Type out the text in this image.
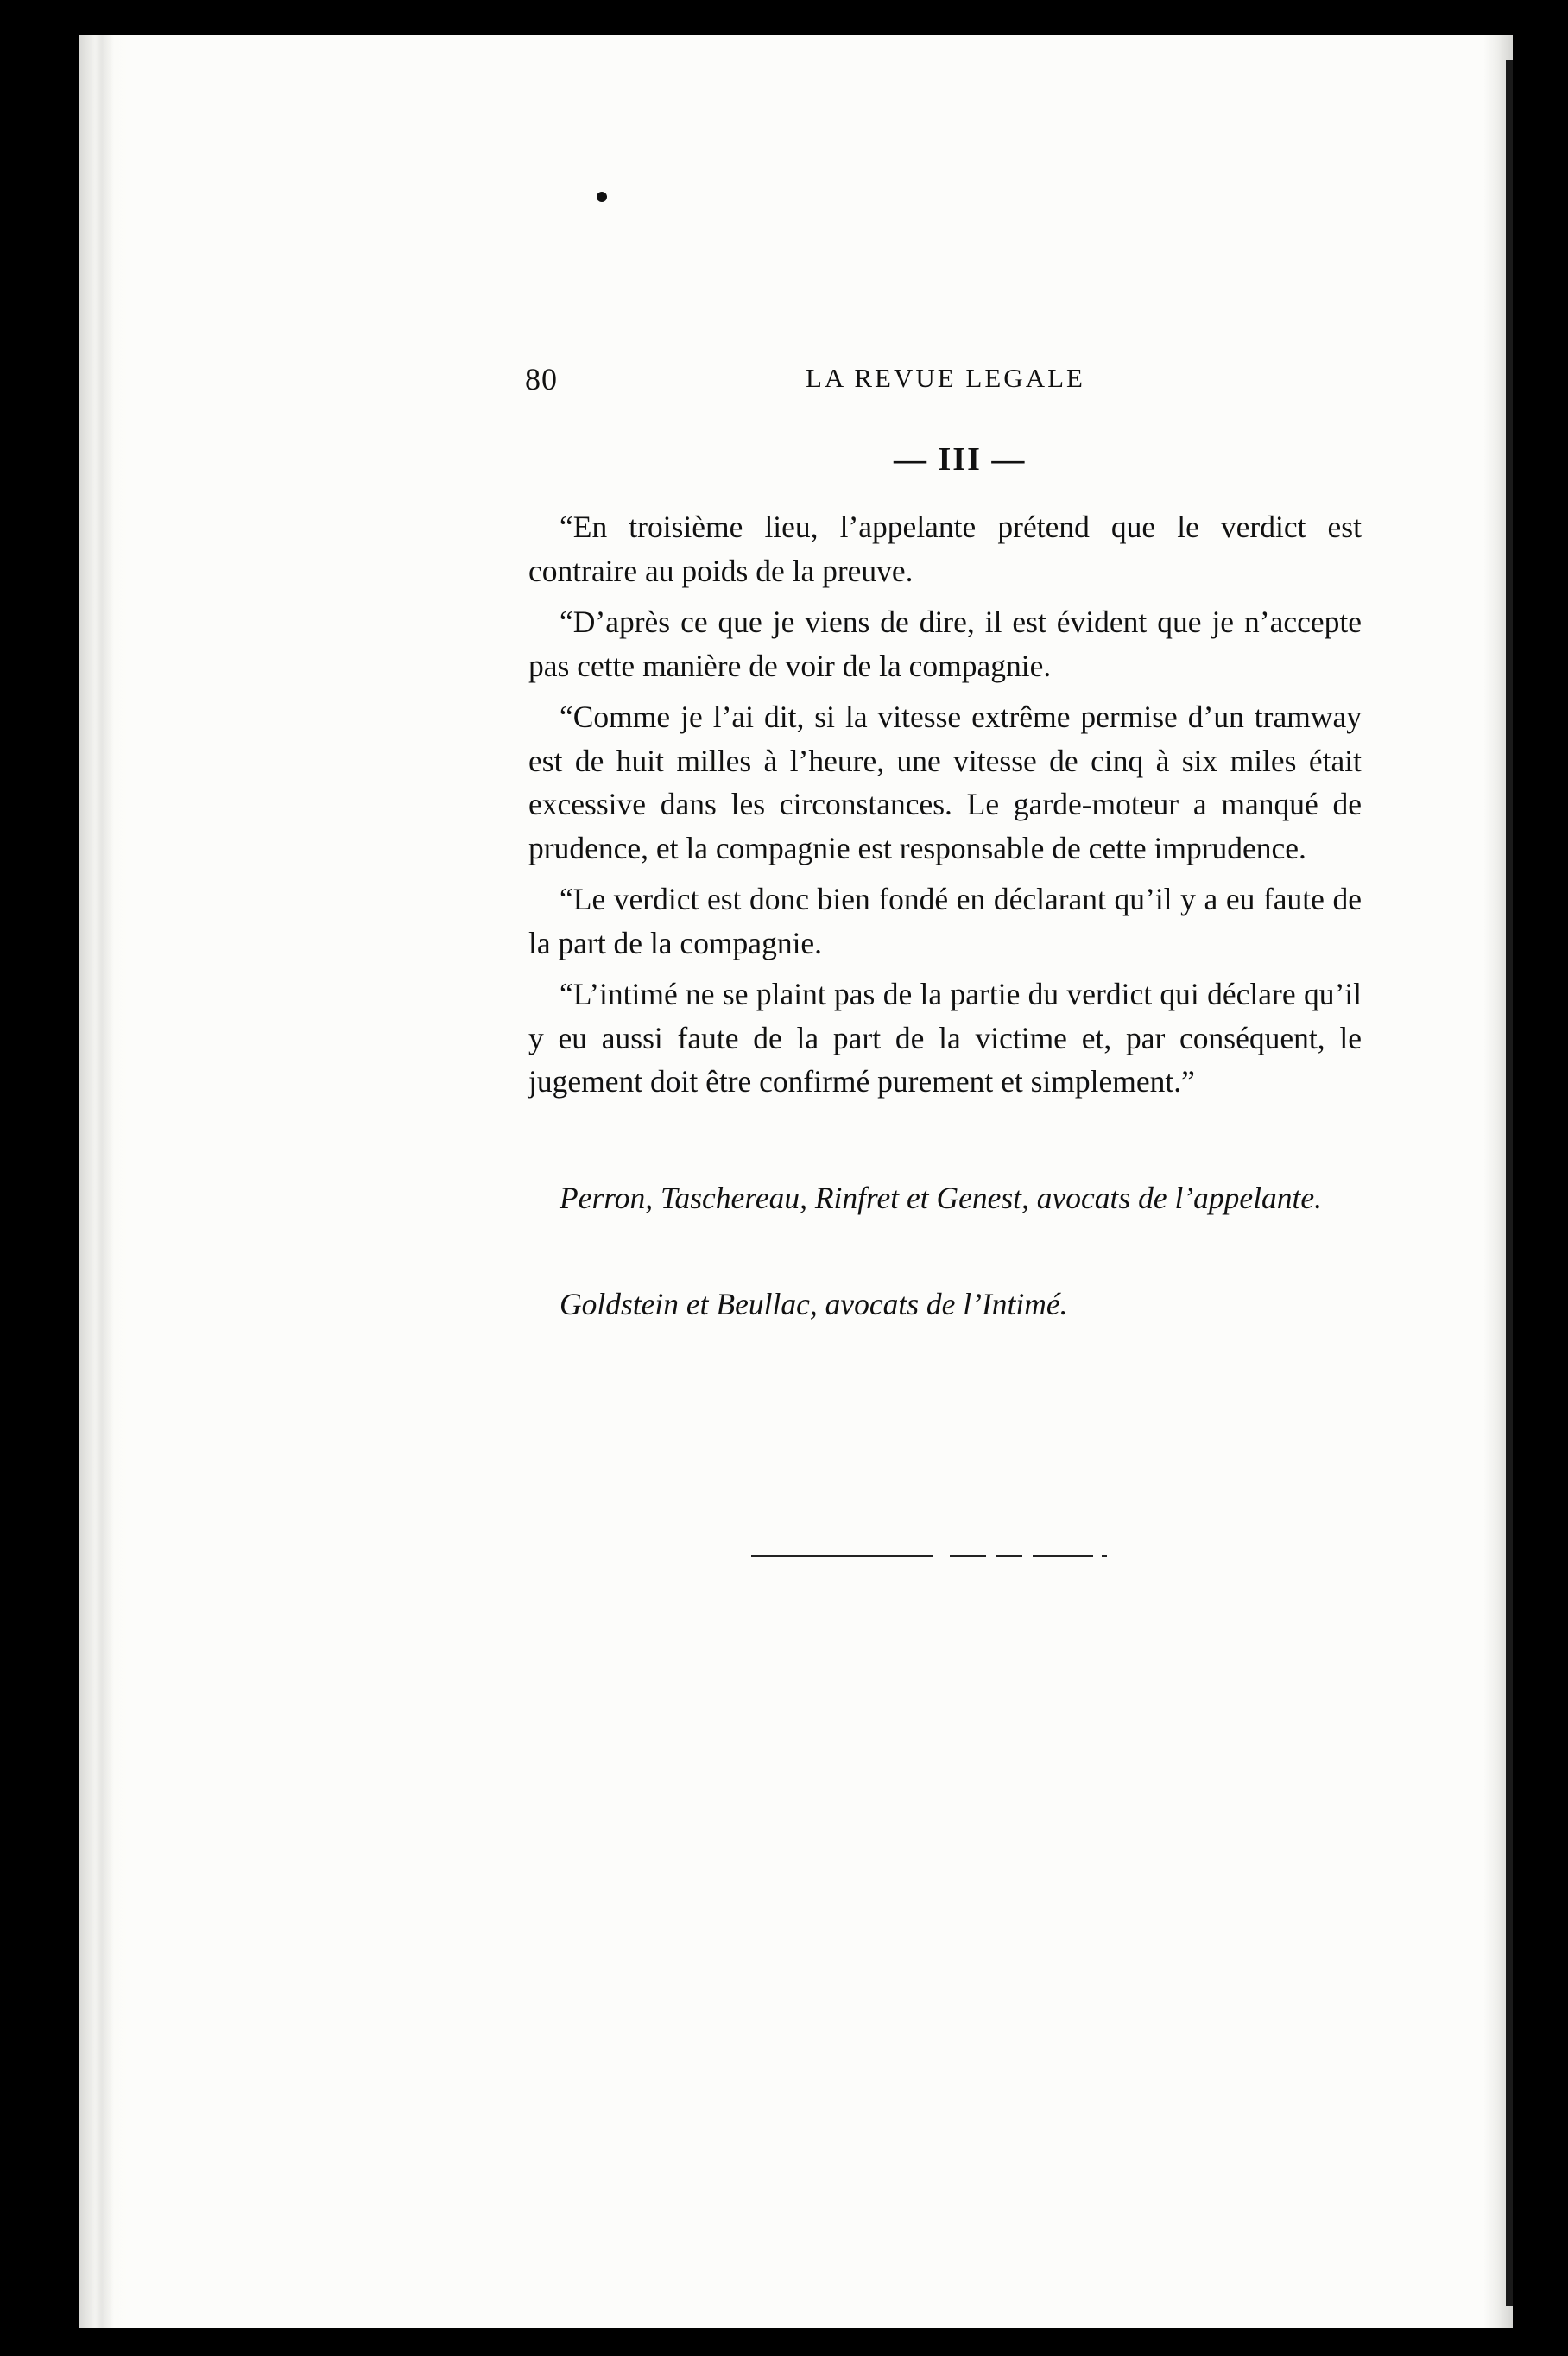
80	LA REVUE LEGALE
— III —

“En troisième lieu, l’appelante prétend que le verdict est contraire au poids de la preuve.

“D’après ce que je viens de dire, il est évident que je n’accepte pas cette manière de voir de la compagnie.

“Comme je l’ai dit, si la vitesse extrême permise d’un tramway est de huit milles à l’heure, une vitesse de cinq à six miles était excessive dans les circonstances. Le garde-moteur a manqué de prudence, et la compagnie est responsable de cette imprudence.

“Le verdict est donc bien fondé en déclarant qu’il y a eu faute de la part de la compagnie.

“L’intimé ne se plaint pas de la partie du verdict qui déclare qu’il y eu aussi faute de la part de la victime et, par conséquent, le jugement doit être confirmé purement et simplement.”

Perron, Taschereau, Rinfret et Genest, avocats de l’appelante.
Goldstein et Beullac, avocats de l’Intimé.
